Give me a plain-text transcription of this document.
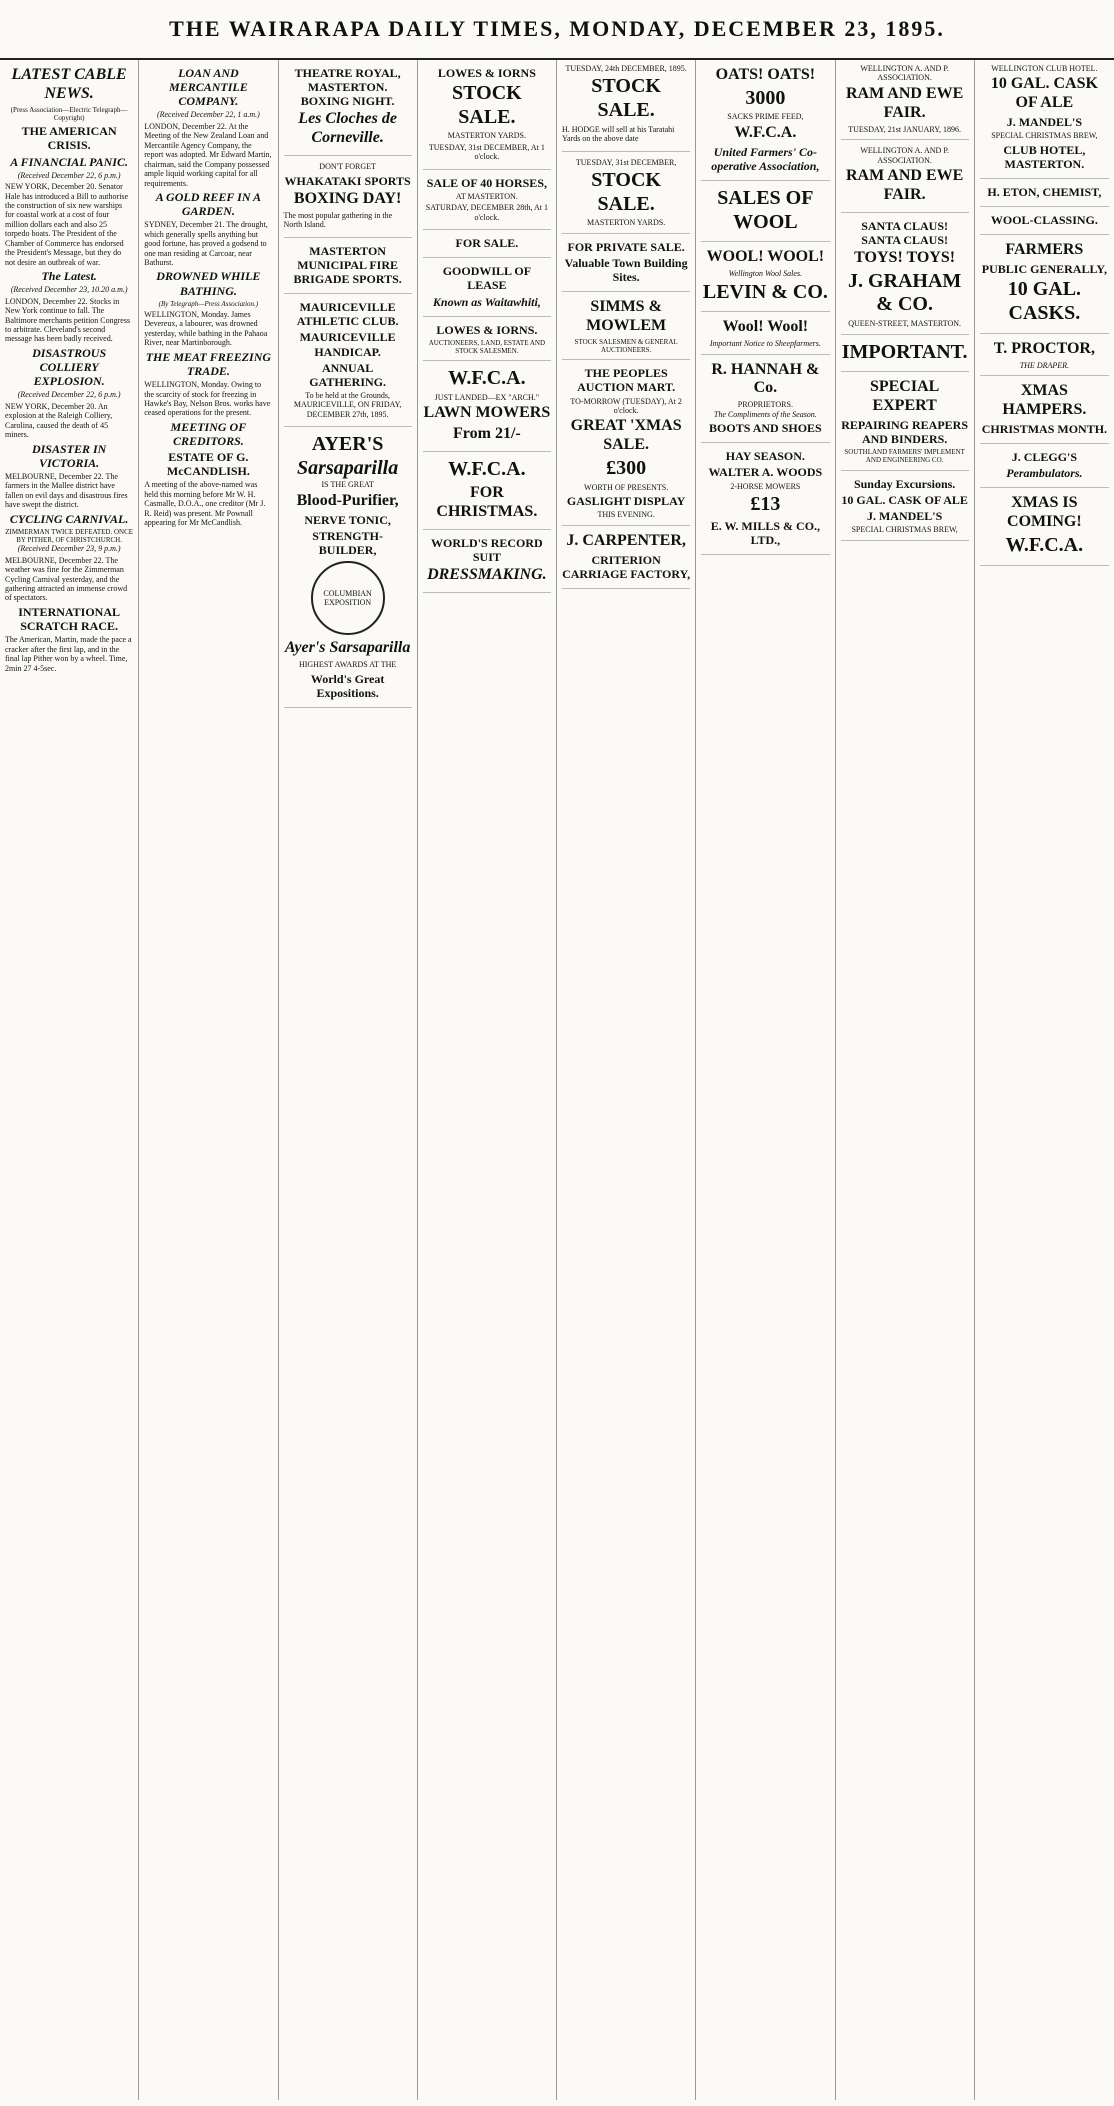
THE WAIRARAPA DAILY TIMES, MONDAY, DECEMBER 23, 1895.
LATEST CABLE NEWS.
(Press Association—Electric Telegraph—Copyright)
THE AMERICAN CRISIS.
A FINANCIAL PANIC.
(Received December 22, 6 p.m.)

NEW YORK, December 20. Senator Hale has introduced a Bill to authorise the construction of six new warships for coastal work at a cost of four million dollars each and also 25 torpedo boats. The President of the Chamber of Commerce has endorsed the President's Message, but they do not desire an outbreak of war.

The Latest.
(Received December 23, 10.20 a.m.)

LONDON, December 22. Stocks in New York continue to fall. The Baltimore merchants petition Congress to arbitrate. Cleveland's second message has been badly received.

DISASTROUS COLLIERY EXPLOSION.
(Received December 22, 6 p.m.)

NEW YORK, December 20. An explosion at the Raleigh Colliery, Carolina, caused the death of 45 miners.

DISASTER IN VICTORIA.

MELBOURNE, December 22. The farmers in the Mallee district have fallen on evil days and disastrous fires have swept the district.

CYCLING CARNIVAL.
ZIMMERMAN TWICE DEFEATED. ONCE BY PITHER, OF CHRISTCHURCH.
(Received December 23, 9 p.m.)

MELBOURNE, December 22. The weather was fine for the Zimmerman Cycling Carnival yesterday, and the gathering attracted an immense crowd of spectators.

INTERNATIONAL SCRATCH RACE.

The American, Martin, made the pace a cracker after the first lap, and in the final lap Pither won by a wheel. Time, 2min 27 4-5sec.

LOAN AND MERCANTILE COMPANY.
(Received December 22, 1 a.m.)

LONDON, December 22. At the Meeting of the New Zealand Loan and Mercantile Agency Company, the report was adopted. Mr Edward Martin, chairman, said the Company possessed ample liquid working capital for all requirements.

A GOLD REEF IN A GARDEN.

SYDNEY, December 21. The drought, which generally spells anything but good fortune, has proved a godsend to one man residing at Carcoar, near Bathurst.

DROWNED WHILE BATHING.
(By Telegraph—Press Association.)

WELLINGTON, Monday. James Devereux, a labourer, was drowned yesterday, while bathing in the Pahaoa River, near Martinborough.

THE MEAT FREEZING TRADE.

WELLINGTON, Monday. Owing to the scarcity of stock for freezing in Hawke's Bay, Nelson Bros. works have ceased operations for the present.

MEETING OF CREDITORS.
ESTATE OF G. McCANDLISH.

A meeting of the above-named was held this morning before Mr W. H. Casmalle, D.O.A., one creditor (Mr J. R. Reid) was present. Mr Pownall appearing for Mr McCandlish.

THEATRE ROYAL, MASTERTON. BOXING NIGHT.
Les Cloches de Corneville.
DON'T FORGET
WHAKATAKI SPORTS
BOXING DAY!

The most popular gathering in the North Island.

MASTERTON MUNICIPAL FIRE BRIGADE SPORTS.
MAURICEVILLE ATHLETIC CLUB.
MAURICEVILLE HANDICAP.
ANNUAL GATHERING.

To be held at the Grounds, MAURICEVILLE, ON FRIDAY, DECEMBER 27th, 1895.

AYER'S
Sarsaparilla
IS THE GREAT
Blood-Purifier,
NERVE TONIC,
STRENGTH-BUILDER,
COLUMBIAN EXPOSITION
Ayer's Sarsaparilla
HIGHEST AWARDS AT THE
World's Great Expositions.
LOWES & IORNS
STOCK SALE.
MASTERTON YARDS.

TUESDAY, 31st DECEMBER, At 1 o'clock.

SALE OF 40 HORSES,
AT MASTERTON.

SATURDAY, DECEMBER 28th, At 1 o'clock.

FOR SALE.
GOODWILL OF LEASE
Known as Waitawhiti,
LOWES & IORNS.
AUCTIONEERS, LAND, ESTATE AND STOCK SALESMEN.
W.F.C.A.
JUST LANDED—EX "ARCH."
LAWN MOWERS
From 21/-
W.F.C.A.
FOR CHRISTMAS.
WORLD'S RECORD SUIT
DRESSMAKING.
TUESDAY, 24th DECEMBER, 1895.
STOCK SALE.

H. HODGE will sell at his Taratahi Yards on the above date

TUESDAY, 31st DECEMBER,
STOCK SALE.
MASTERTON YARDS.
FOR PRIVATE SALE.
Valuable Town Building Sites.
SIMMS & MOWLEM
STOCK SALESMEN & GENERAL AUCTIONEERS.
THE PEOPLES AUCTION MART.

TO-MORROW (TUESDAY), At 2 o'clock.

GREAT 'XMAS SALE.
£300
WORTH OF PRESENTS.
GASLIGHT DISPLAY
THIS EVENING.
J. CARPENTER,
CRITERION CARRIAGE FACTORY,
OATS! OATS!
3000
SACKS PRIME FEED,
W.F.C.A.
United Farmers' Co-operative Association,
SALES OF WOOL
WOOL! WOOL!
Wellington Wool Sales.
LEVIN & CO.
Wool! Wool!
Important Notice to Sheepfarmers.
R. HANNAH & Co.
PROPRIETORS.
The Compliments of the Season.
BOOTS AND SHOES
HAY SEASON.
WALTER A. WOODS
2-HORSE MOWERS
£13
E. W. MILLS & CO., LTD.,
WELLINGTON A. AND P. ASSOCIATION.
RAM AND EWE FAIR.
TUESDAY, 21st JANUARY, 1896.
WELLINGTON A. AND P. ASSOCIATION.
RAM AND EWE FAIR.
SANTA CLAUS! SANTA CLAUS!
TOYS! TOYS!
J. GRAHAM & CO.
QUEEN-STREET, MASTERTON.
IMPORTANT.
SPECIAL EXPERT
REPAIRING REAPERS AND BINDERS.
SOUTHLAND FARMERS' IMPLEMENT AND ENGINEERING CO.
Sunday Excursions.
10 GAL. CASK OF ALE
J. MANDEL'S
SPECIAL CHRISTMAS BREW,
WELLINGTON CLUB HOTEL.
10 GAL. CASK OF ALE
J. MANDEL'S
SPECIAL CHRISTMAS BREW,
CLUB HOTEL, MASTERTON.
H. ETON, CHEMIST,
WOOL-CLASSING.
FARMERS
PUBLIC GENERALLY,
10 GAL. CASKS.
T. PROCTOR,
THE DRAPER.
XMAS HAMPERS.
CHRISTMAS MONTH.
J. CLEGG'S
Perambulators.
XMAS IS COMING!
W.F.C.A.
